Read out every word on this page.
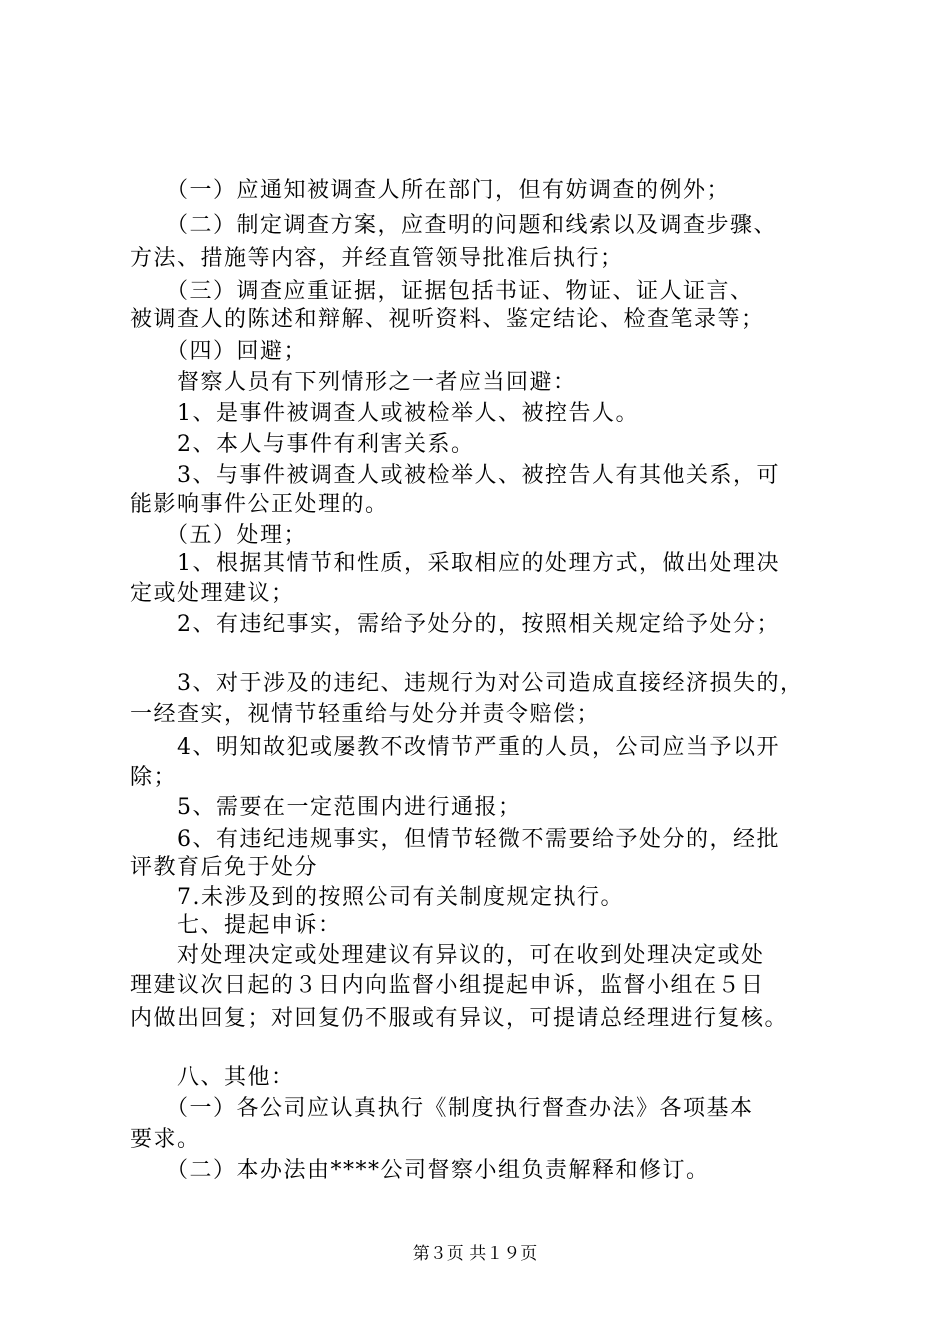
　　（一）应通知被调查人所在部门，但有妨调查的例外；
　　（二）制定调查方案，应查明的问题和线索以及调查步骤、
方法、措施等内容，并经直管领导批准后执行；
　　（三）调查应重证据，证据包括书证、物证、证人证言、
被调查人的陈述和辩解、视听资料、鉴定结论、检查笔录等；
　　（四）回避；
　　督察人员有下列情形之一者应当回避：
　　1、是事件被调查人或被检举人、被控告人。
　　2、本人与事件有利害关系。
　　3、与事件被调查人或被检举人、被控告人有其他关系，可
能影响事件公正处理的。
　　（五）处理；
　　1、根据其情节和性质，采取相应的处理方式，做出处理决
定或处理建议；
　　2、有违纪事实，需给予处分的，按照相关规定给予处分；
　　3、对于涉及的违纪、违规行为对公司造成直接经济损失的，
一经查实，视情节轻重给与处分并责令赔偿；
　　4、明知故犯或屡教不改情节严重的人员，公司应当予以开
除；
　　5、需要在一定范围内进行通报；
　　6、有违纪违规事实，但情节轻微不需要给予处分的，经批
评教育后免于处分
　　7.未涉及到的按照公司有关制度规定执行。
　　七、提起申诉：
　　对处理决定或处理建议有异议的，可在收到处理决定或处
理建议次日起的３日内向监督小组提起申诉，监督小组在５日
内做出回复；对回复仍不服或有异议，可提请总经理进行复核。
　　八、其他：
　　（一）各公司应认真执行《制度执行督查办法》各项基本
要求。
　　（二）本办法由****公司督察小组负责解释和修订。
第３页 共１９页
